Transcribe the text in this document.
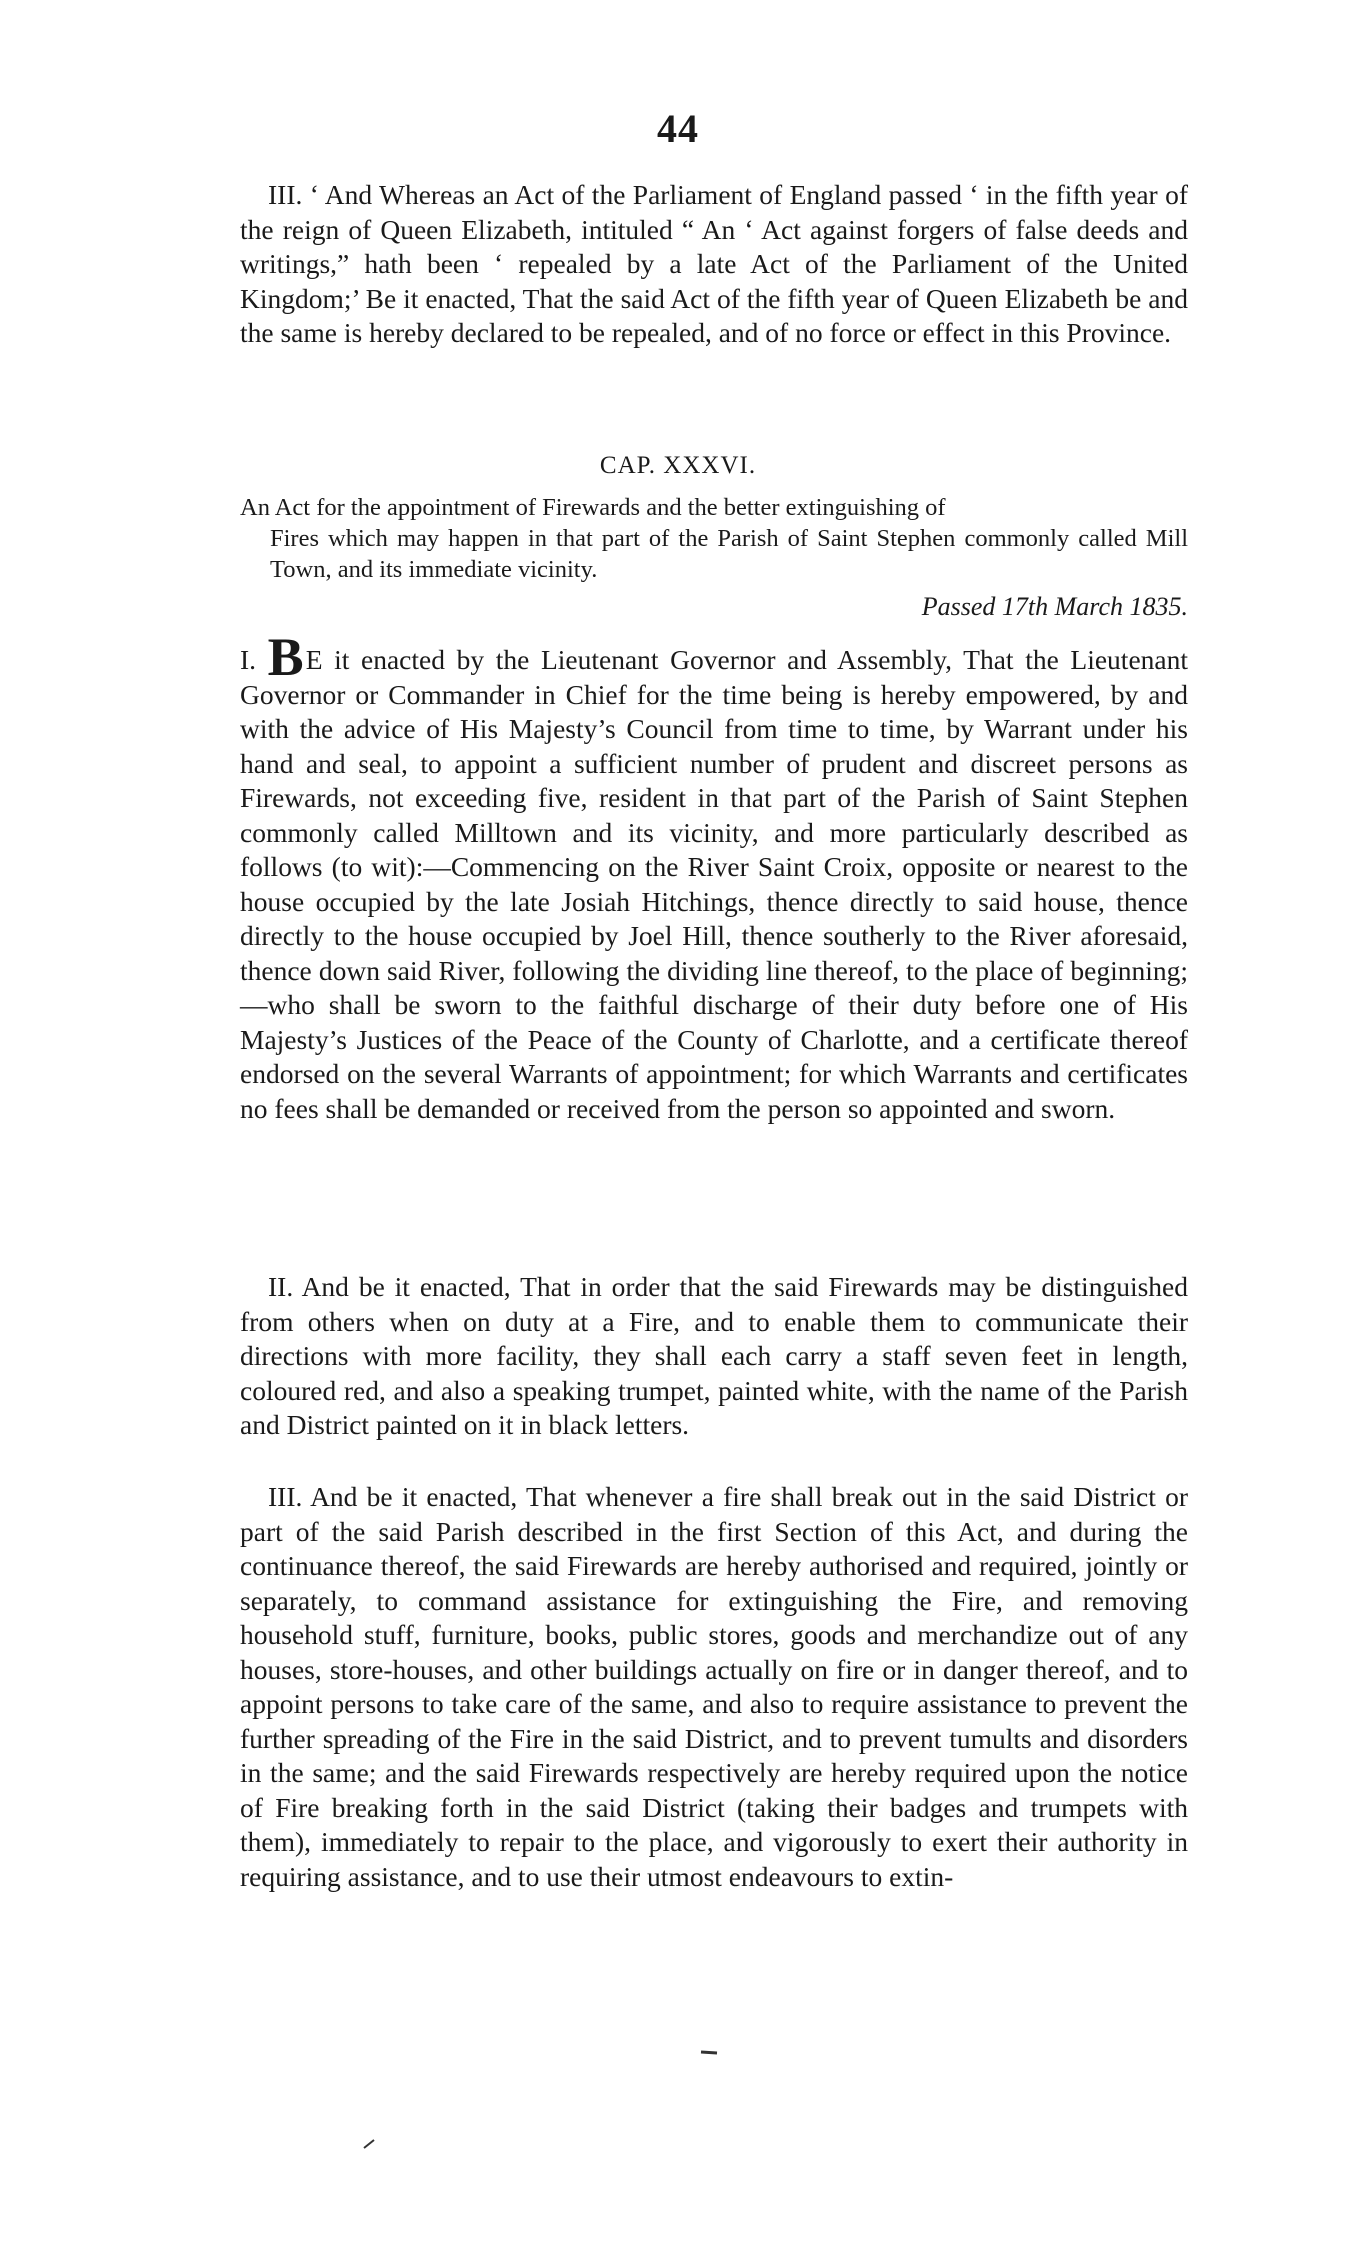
44

III. ‘ And Whereas an Act of the Parliament of England passed ‘ in the fifth year of the reign of Queen Elizabeth, intituled “ An ‘ Act against forgers of false deeds and writings,” hath been ‘ repealed by a late Act of the Parliament of the United Kingdom;’ Be it enacted, That the said Act of the fifth year of Queen Elizabeth be and the same is hereby declared to be repealed, and of no force or effect in this Province.

CAP. XXXVI.
An Act for the appointment of Firewards and the better extinguishing of
Fires which may happen in that part of the Parish of Saint Stephen commonly called Mill Town, and its immediate vicinity.
Passed 17th March 1835.

I. BE it enacted by the Lieutenant Governor and Assembly, That the Lieutenant Governor or Commander in Chief for the time being is hereby empowered, by and with the advice of His Majesty’s Council from time to time, by Warrant under his hand and seal, to appoint a sufficient number of prudent and discreet persons as Firewards, not exceeding five, resident in that part of the Parish of Saint Stephen commonly called Milltown and its vicinity, and more particularly described as follows (to wit):—Commencing on the River Saint Croix, opposite or nearest to the house occupied by the late Josiah Hitchings, thence directly to said house, thence directly to the house occupied by Joel Hill, thence southerly to the River aforesaid, thence down said River, following the dividing line thereof, to the place of beginning;—who shall be sworn to the faithful discharge of their duty before one of His Majesty’s Justices of the Peace of the County of Charlotte, and a certificate thereof endorsed on the several Warrants of appointment; for which Warrants and certificates no fees shall be demanded or received from the person so appointed and sworn.

II. And be it enacted, That in order that the said Firewards may be distinguished from others when on duty at a Fire, and to enable them to communicate their directions with more facility, they shall each carry a staff seven feet in length, coloured red, and also a speaking trumpet, painted white, with the name of the Parish and District painted on it in black letters.

III. And be it enacted, That whenever a fire shall break out in the said District or part of the said Parish described in the first Section of this Act, and during the continuance thereof, the said Firewards are hereby authorised and required, jointly or separately, to command assistance for extinguishing the Fire, and removing household stuff, furniture, books, public stores, goods and merchandize out of any houses, store-houses, and other buildings actually on fire or in danger thereof, and to appoint persons to take care of the same, and also to require assistance to prevent the further spreading of the Fire in the said District, and to prevent tumults and disorders in the same; and the said Firewards respectively are hereby required upon the notice of Fire breaking forth in the said District (taking their badges and trumpets with them), immediately to repair to the place, and vigorously to exert their authority in requiring assistance, and to use their utmost endeavours to extin-
